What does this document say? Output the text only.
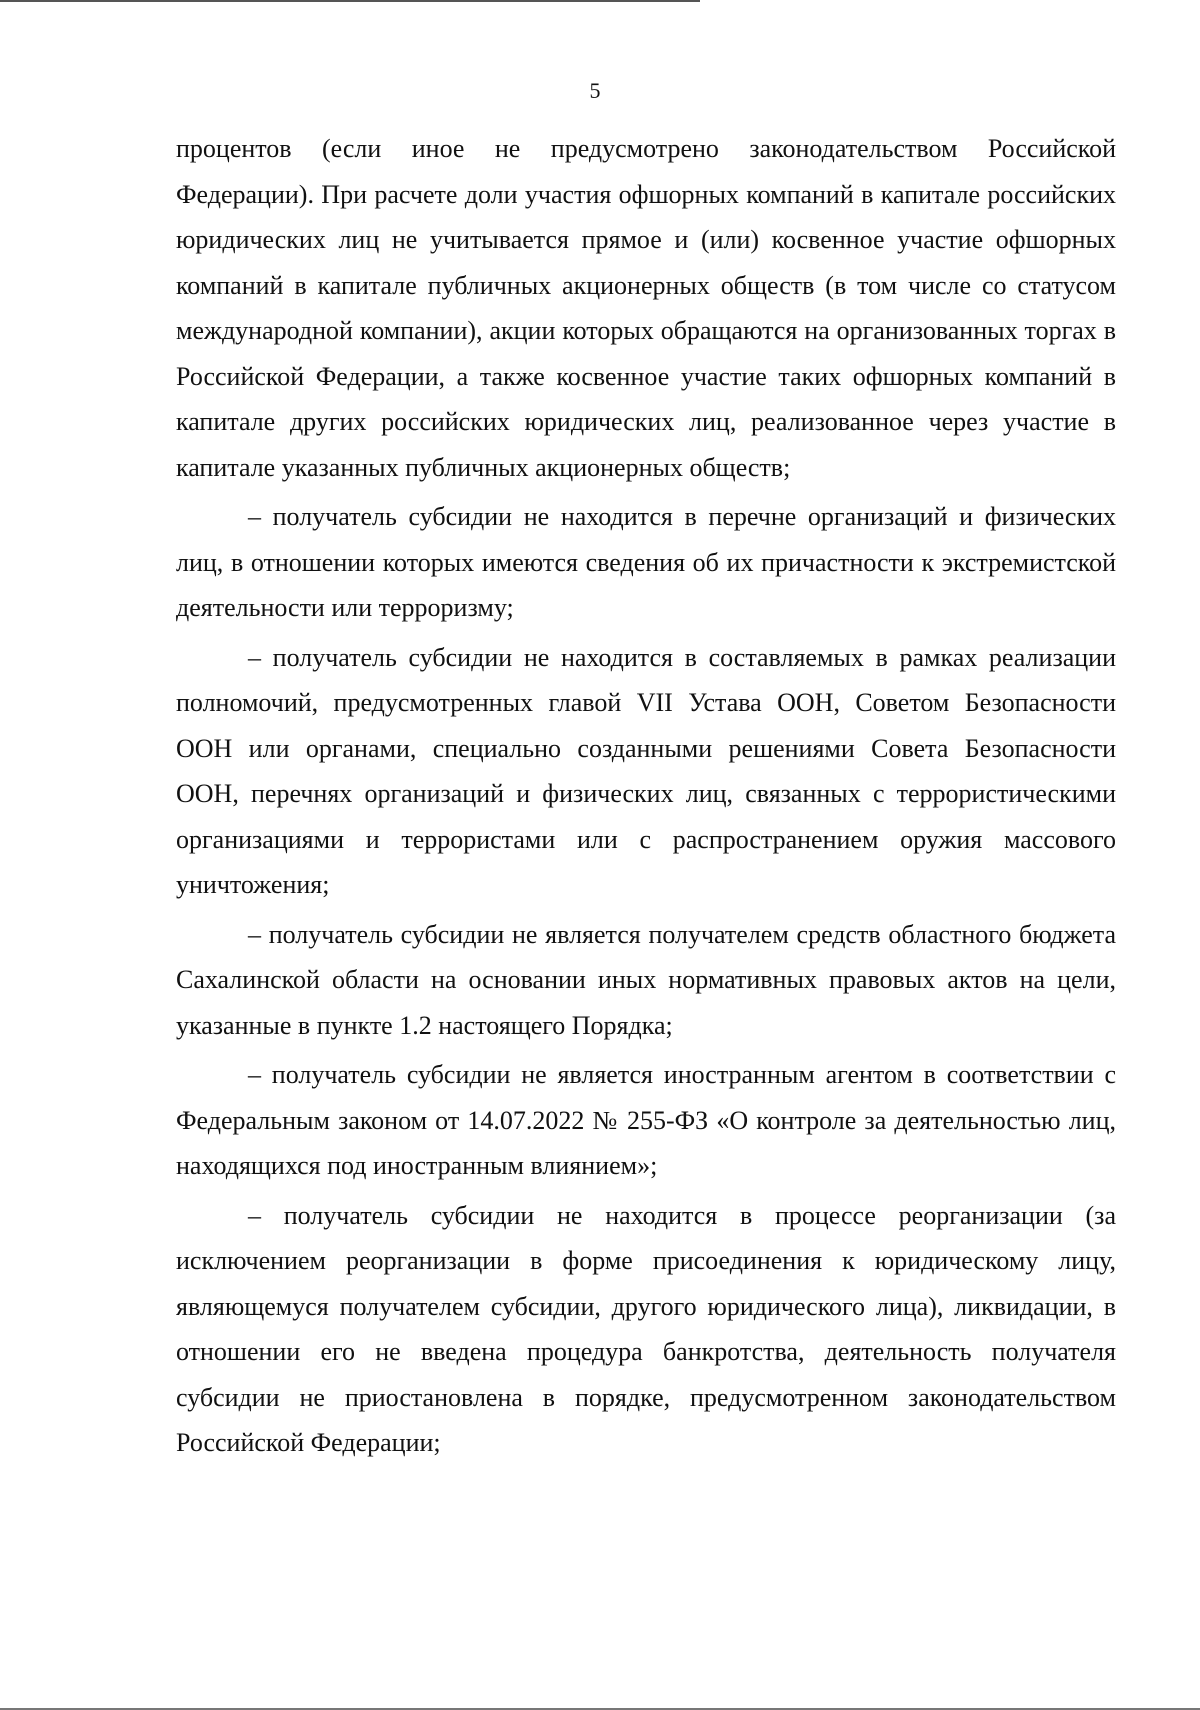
5

процентов (если иное не предусмотрено законодательством Российской Федерации). При расчете доли участия офшорных компаний в капитале российских юридических лиц не учитывается прямое и (или) косвенное участие офшорных компаний в капитале публичных акционерных обществ (в том числе со статусом международной компании), акции которых обращаются на организованных торгах в Российской Федерации, а также косвенное участие таких офшорных компаний в капитале других российских юридических лиц, реализованное через участие в капитале указанных публичных акционерных обществ;

– получатель субсидии не находится в перечне организаций и физических лиц, в отношении которых имеются сведения об их причастности к экстремистской деятельности или терроризму;

– получатель субсидии не находится в составляемых в рамках реализации полномочий, предусмотренных главой VII Устава ООН, Советом Безопасности ООН или органами, специально созданными решениями Совета Безопасности ООН, перечнях организаций и физических лиц, связанных с террористическими организациями и террористами или с распространением оружия массового уничтожения;

– получатель субсидии не является получателем средств областного бюджета Сахалинской области на основании иных нормативных правовых актов на цели, указанные в пункте 1.2 настоящего Порядка;

– получатель субсидии не является иностранным агентом в соответствии с Федеральным законом от 14.07.2022 № 255-ФЗ «О контроле за деятельностью лиц, находящихся под иностранным влиянием»;

– получатель субсидии не находится в процессе реорганизации (за исключением реорганизации в форме присоединения к юридическому лицу, являющемуся получателем субсидии, другого юридического лица), ликвидации, в отношении его не введена процедура банкротства, деятельность получателя субсидии не приостановлена в порядке, предусмотренном законодательством Российской Федерации;
